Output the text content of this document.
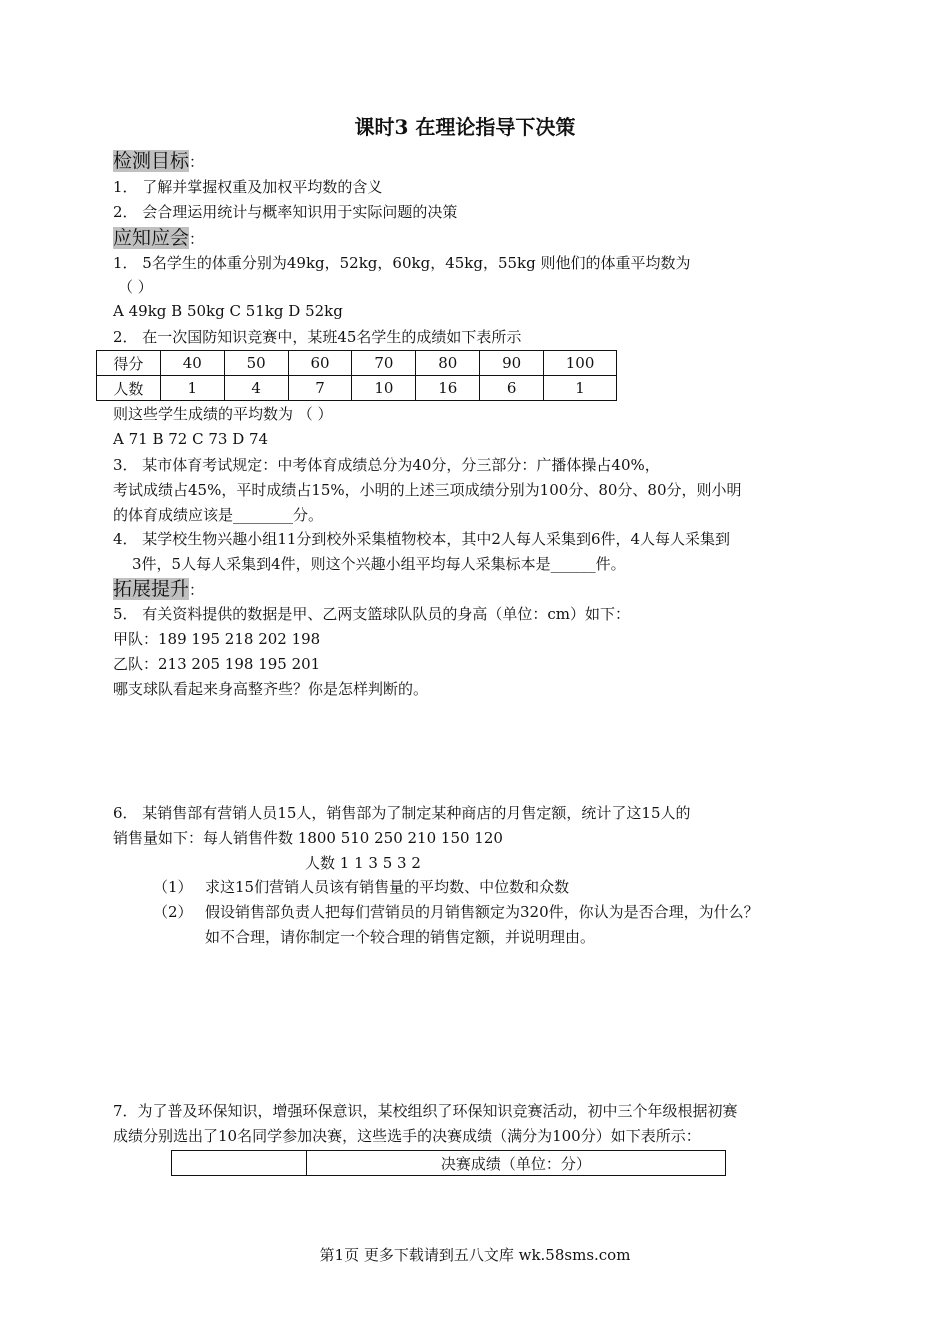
课时3 在理论指导下决策
检测目标：
1． 了解并掌握权重及加权平均数的含义
2． 会合理运用统计与概率知识用于实际问题的决策
应知应会：
1． 5名学生的体重分别为49kg，52kg，60kg，45kg，55kg 则他们的体重平均数为
（ ）
A 49kg B 50kg C 51kg D 52kg
2． 在一次国防知识竞赛中，某班45名学生的成绩如下表所示
得分	40	50	60	70	80	90	100
人数	1	4	7	10	16	6	1
则这些学生成绩的平均数为 （ ）
A 71 B 72 C 73 D 74
3． 某市体育考试规定：中考体育成绩总分为40分，分三部分：广播体操占40%，
考试成绩占45%，平时成绩占15%，小明的上述三项成绩分别为100分、80分、80分，则小明
的体育成绩应该是________分。
4． 某学校生物兴趣小组11分到校外采集植物校本，其中2人每人采集到6件，4人每人采集到
3件，5人每人采集到4件，则这个兴趣小组平均每人采集标本是______件。
拓展提升：
5． 有关资料提供的数据是甲、乙两支篮球队队员的身高（单位：cm）如下：
甲队：189 195 218 202 198
乙队：213 205 198 195 201
哪支球队看起来身高整齐些？你是怎样判断的。
6． 某销售部有营销人员15人，销售部为了制定某种商店的月售定额，统计了这15人的
销售量如下：每人销售件数 1800 510 250 210 150 120
人数 1 1 3 5 3 2
（1） 求这15们营销人员该有销售量的平均数、中位数和众数
（2） 假设销售部负责人把每们营销员的月销售额定为320件，你认为是否合理，为什么？
如不合理，请你制定一个较合理的销售定额，并说明理由。
7．为了普及环保知识，增强环保意识，某校组织了环保知识竞赛活动，初中三个年级根据初赛
成绩分别选出了10名同学参加决赛，这些选手的决赛成绩（满分为100分）如下表所示：
	决赛成绩（单位：分）
第1页 更多下载请到五八文库 wk.58sms.com
